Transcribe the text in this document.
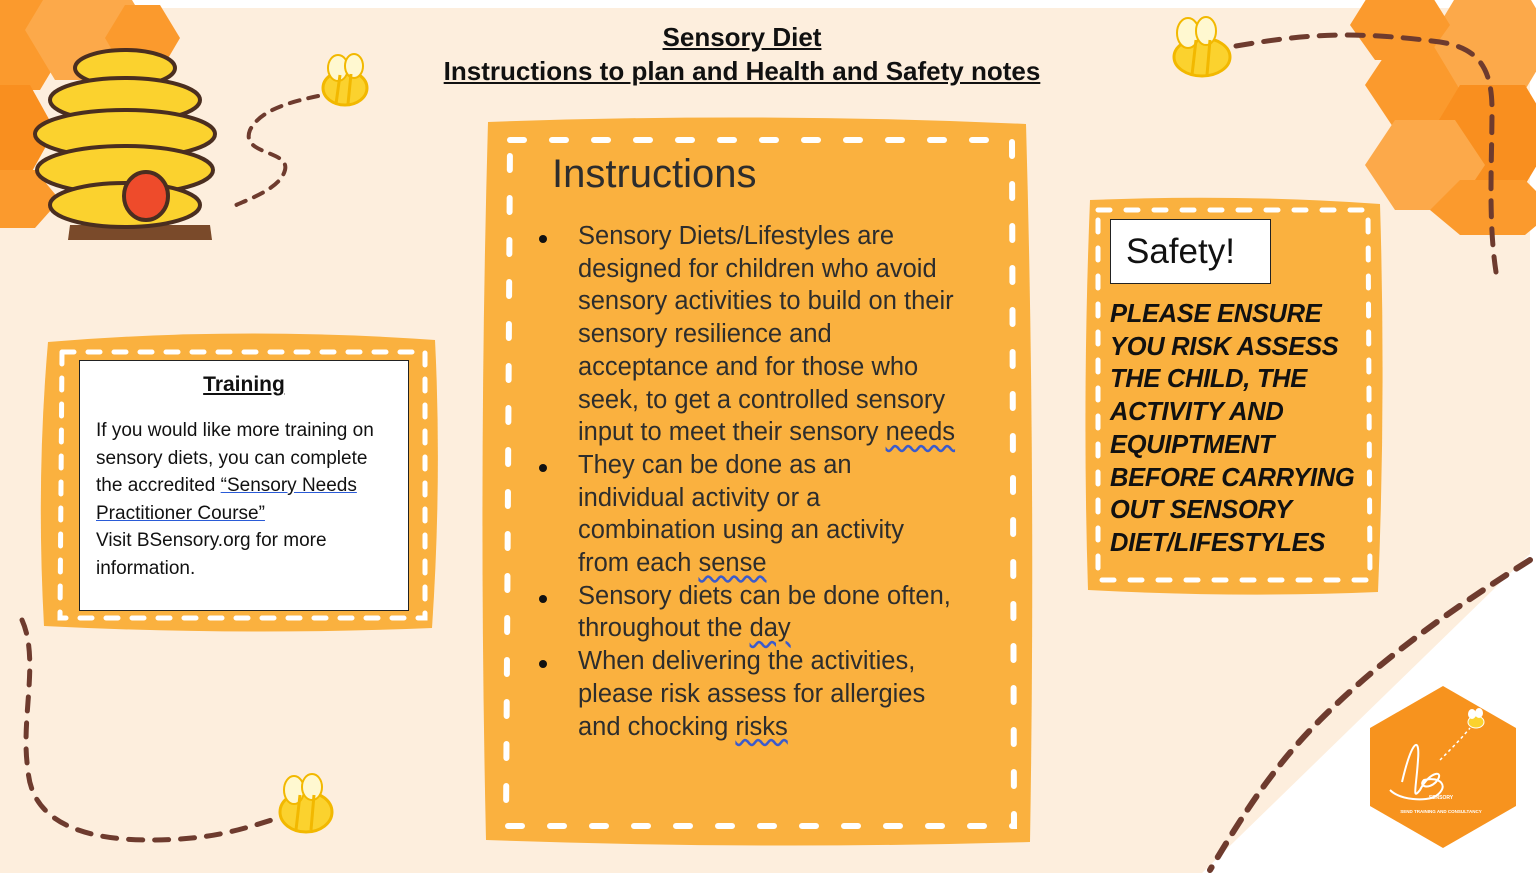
Sensory Diet
Instructions to plan and Health and Safety notes
Training

If you would like more training on sensory diets, you can complete the accredited “Sensory Needs Practitioner Course”

Visit BSensory.org for more information.

Instructions
Sensory Diets/Lifestyles are designed for children who avoid sensory activities to build on their sensory resilience and acceptance and for those who seek, to get a controlled sensory input to meet their sensory needs
They can be done as an individual activity or a combination using an activity from each sense
Sensory diets can be done often, throughout the day
When delivering the activities, please risk assess for allergies and chocking risks
Safety!
PLEASE ENSURE YOU RISK ASSESS THE CHILD, THE ACTIVITY AND EQUIPTMENT BEFORE CARRYING OUT SENSORY DIET/LIFESTYLES
SENSORY
SEND TRAINING AND CONSULTANCY
